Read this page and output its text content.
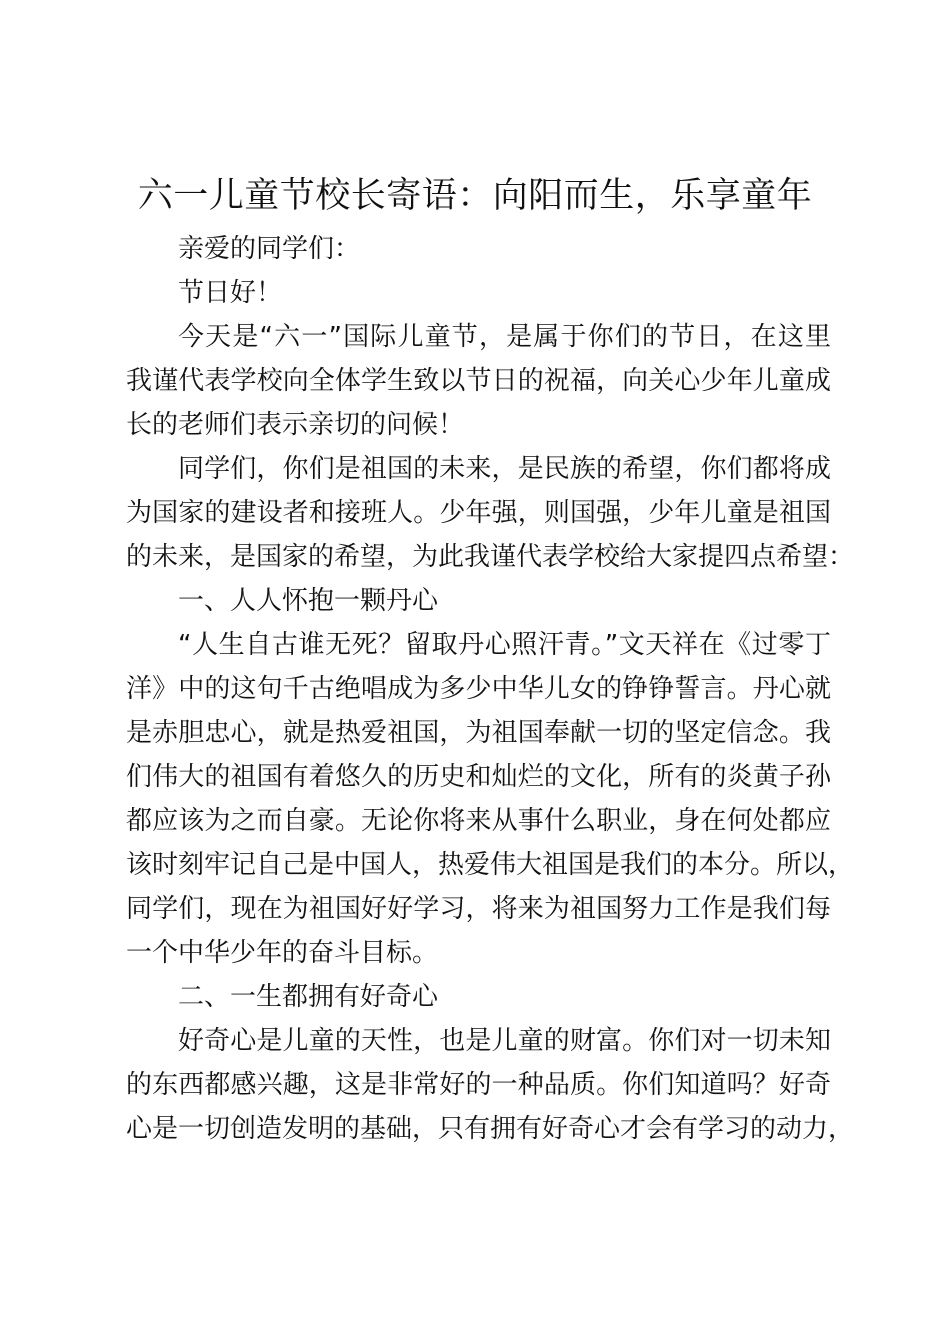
六一儿童节校长寄语：向阳而生，乐享童年
亲爱的同学们：
节日好！
今天是“六一”国际儿童节，是属于你们的节日，在这里
我谨代表学校向全体学生致以节日的祝福，向关心少年儿童成
长的老师们表示亲切的问候！
同学们，你们是祖国的未来，是民族的希望，你们都将成
为国家的建设者和接班人。少年强，则国强，少年儿童是祖国
的未来，是国家的希望，为此我谨代表学校给大家提四点希望：
一、人人怀抱一颗丹心
“人生自古谁无死？留取丹心照汗青。”文天祥在《过零丁
洋》中的这句千古绝唱成为多少中华儿女的铮铮誓言。丹心就
是赤胆忠心，就是热爱祖国，为祖国奉献一切的坚定信念。我
们伟大的祖国有着悠久的历史和灿烂的文化，所有的炎黄子孙
都应该为之而自豪。无论你将来从事什么职业，身在何处都应
该时刻牢记自己是中国人，热爱伟大祖国是我们的本分。所以，
同学们，现在为祖国好好学习，将来为祖国努力工作是我们每
一个中华少年的奋斗目标。
二、一生都拥有好奇心
好奇心是儿童的天性，也是儿童的财富。你们对一切未知
的东西都感兴趣，这是非常好的一种品质。你们知道吗？好奇
心是一切创造发明的基础，只有拥有好奇心才会有学习的动力，
